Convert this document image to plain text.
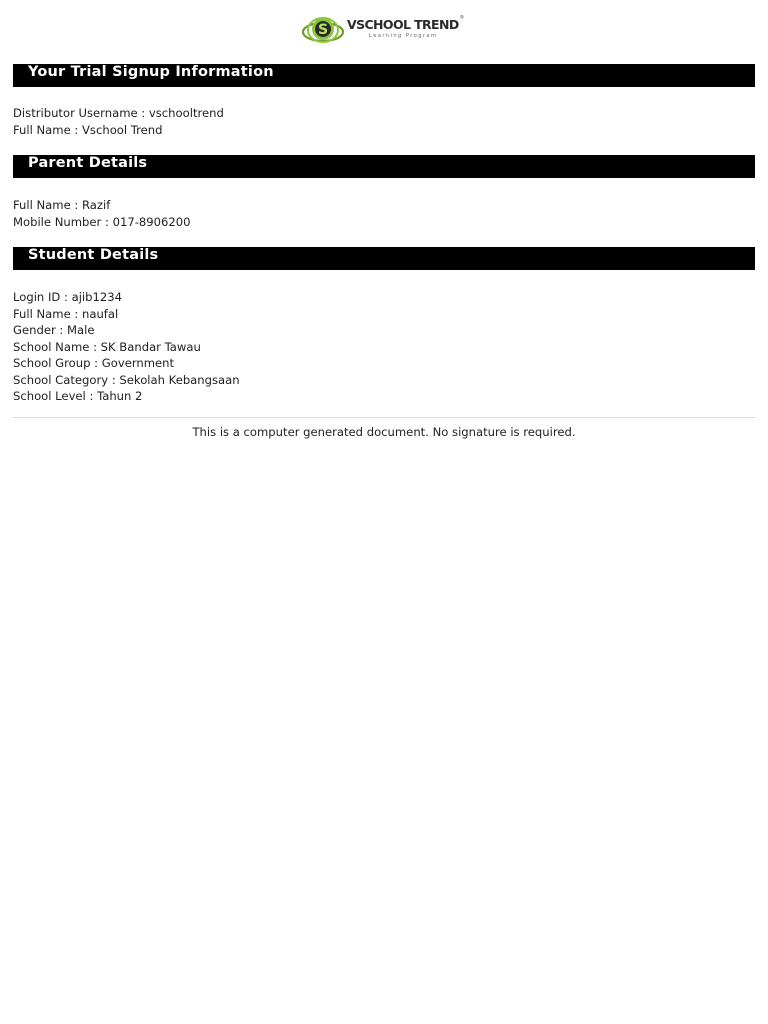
S VSCHOOL TREND ®
Learning Program
Your Trial Signup Information
Distributor Username : vschooltrend
Full Name : Vschool Trend
Parent Details
Full Name : Razif
Mobile Number : 017-8906200
Student Details
Login ID : ajib1234
Full Name : naufal
Gender : Male
School Name : SK Bandar Tawau
School Group : Government
School Category : Sekolah Kebangsaan
School Level : Tahun 2
This is a computer generated document. No signature is required.
